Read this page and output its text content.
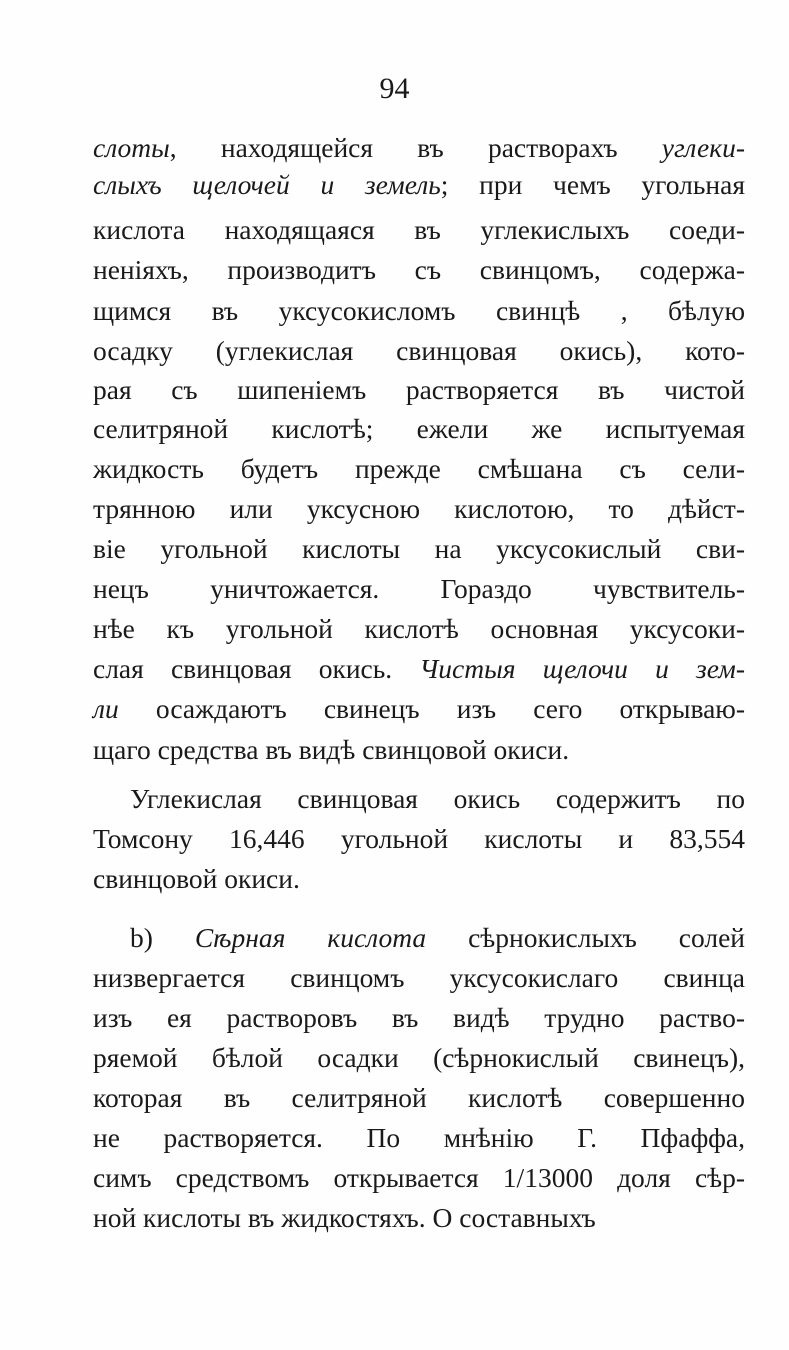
94
слоты, находящейся въ растворахъ углеки-
слыхъ щелочей и земель; при чемъ угольная
кислота находящаяся въ углекислыхъ соеди-
неніяхъ, производитъ съ свинцомъ, содержа-
щимся въ уксусокисломъ свинцѣ , бѣлую
осадку (углекислая свинцовая окись), кото-
рая съ шипеніемъ растворяется въ чистой
селитряной кислотѣ; ежели же испытуемая
жидкость будетъ прежде смѣшана съ сели-
трянною или уксусною кислотою, то дѣйст-
віе угольной кислоты на уксусокислый сви-
нецъ уничтожается. Гораздо чувствитель-
нѣе къ угольной кислотѣ основная уксусоки-
слая свинцовая окись. Чистыя щелочи и зем-
ли осаждаютъ свинецъ изъ сего открываю-
щаго средства въ видѣ свинцовой окиси.
Углекислая свинцовая окись содержитъ по
Томсону 16,446 угольной кислоты и 83,554
свинцовой окиси.
b) Сѣрная кислота сѣрнокислыхъ солей
низвергается свинцомъ уксусокислаго свинца
изъ ея растворовъ въ видѣ трудно раство-
ряемой бѣлой осадки (сѣрнокислый свинецъ),
которая въ селитряной кислотѣ совершенно
не растворяется. По мнѣнію Г. Пфаффа,
симъ средствомъ открывается 1/13000 доля сѣр-
ной кислоты въ жидкостяхъ. О составныхъ
